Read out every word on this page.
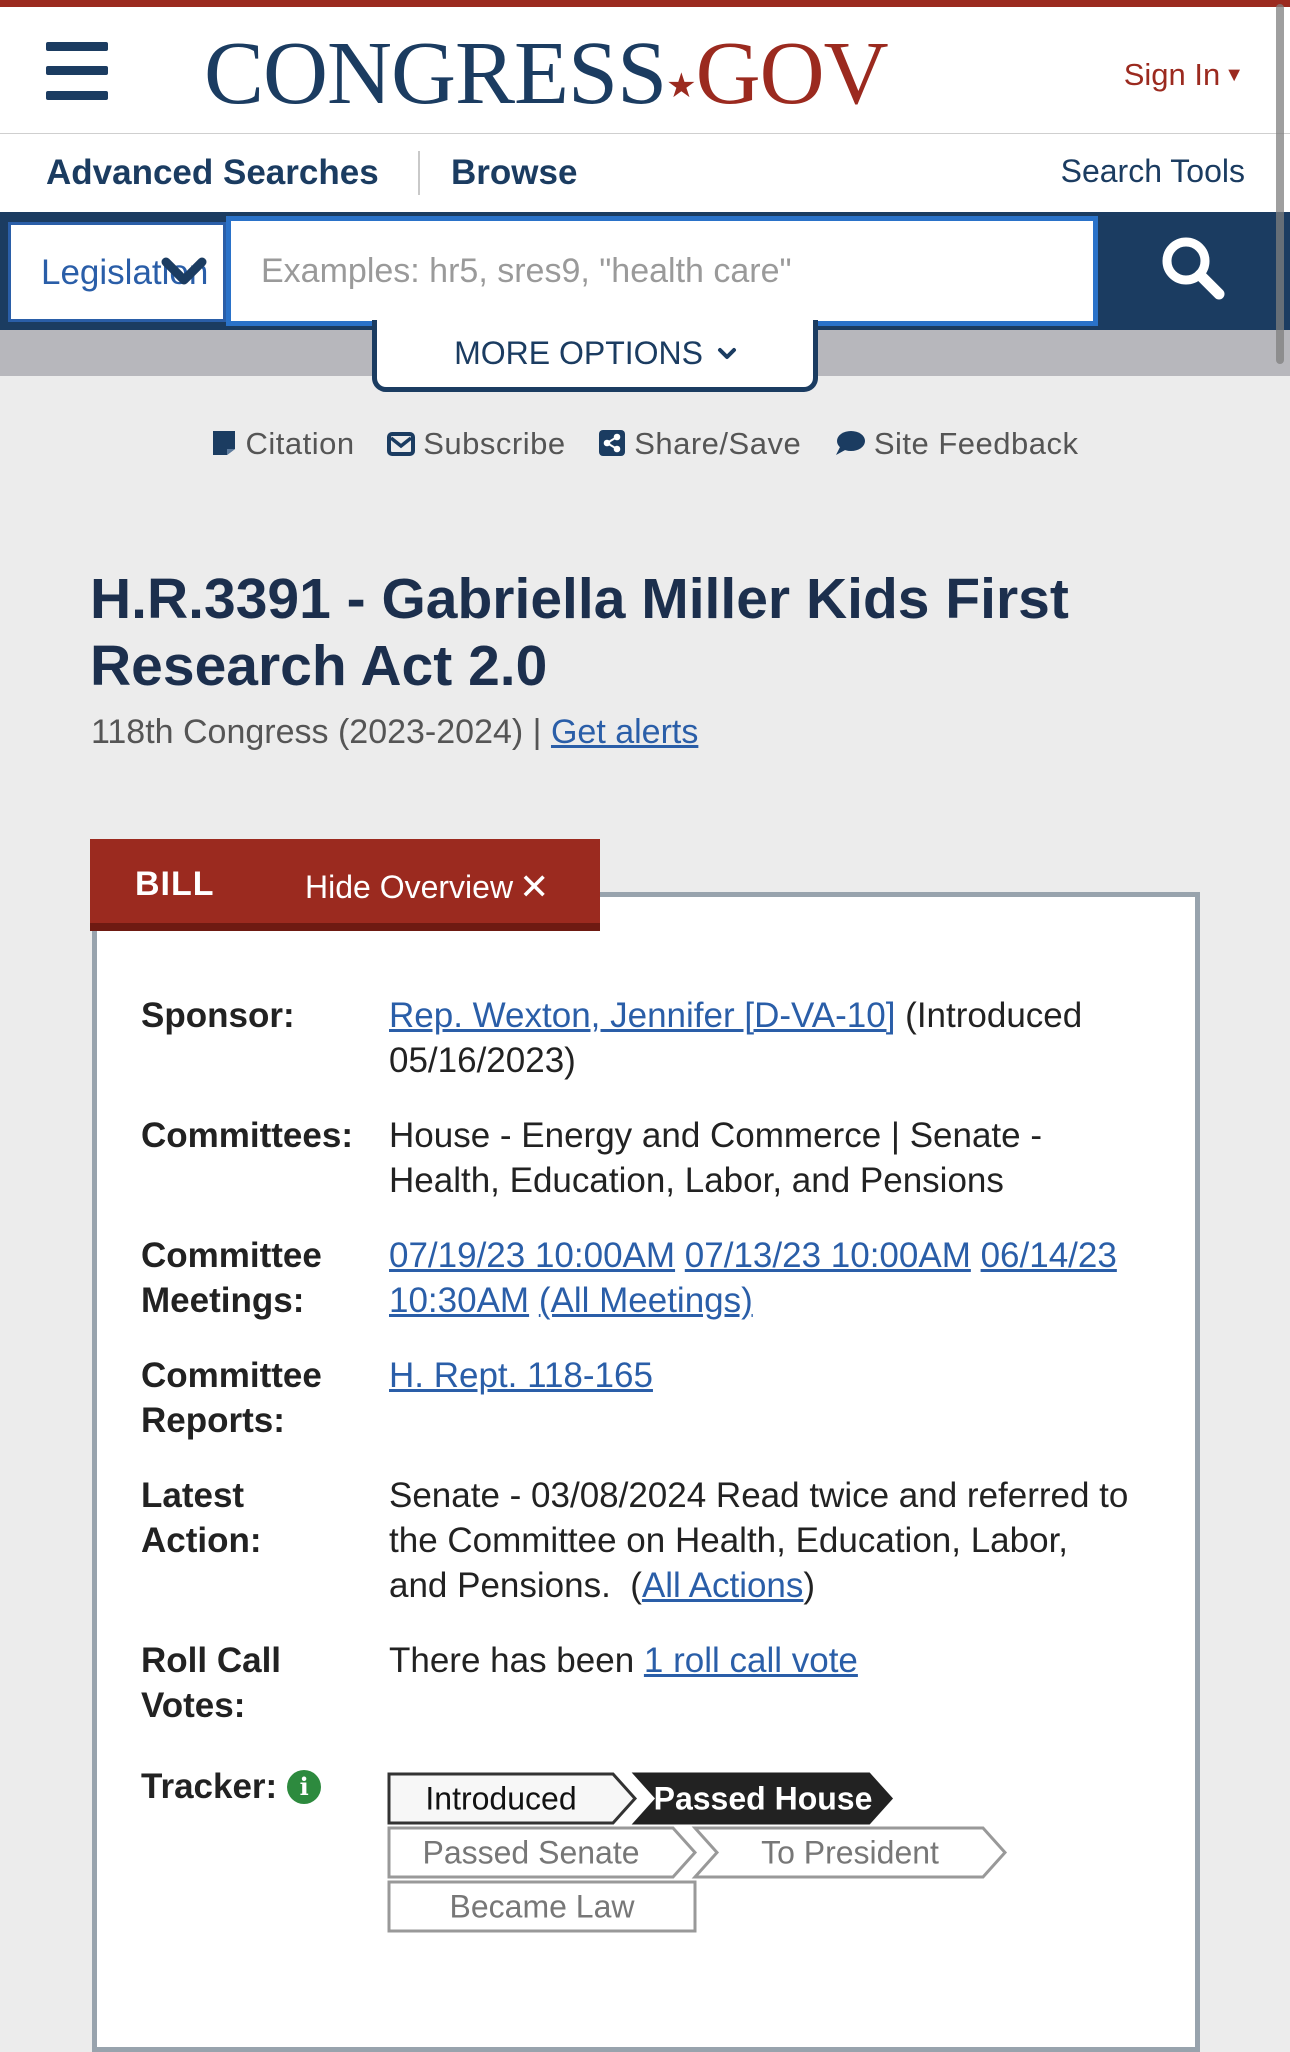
CONGRESS★GOV	Sign In ▼
Advanced Searches Browse	Search Tools
Legislation
Examples: hr5, sres9, "health care"
MORE OPTIONS
Citation Subscribe Share/Save Site Feedback
H.R.3391 - Gabriella Miller Kids First Research Act 2.0
118th Congress (2023-2024) | Get alerts
BILL	Hide Overview ✕
Sponsor:	Rep. Wexton, Jennifer [D-VA-10] (Introduced 05/16/2023)
Committees:	House - Energy and Commerce | Senate - Health, Education, Labor, and Pensions
Committee Meetings:
07/19/23 10:00AM 07/13/23 10:00AM 06/14/23 10:30AM (All Meetings)
Committee Reports:
H. Rept. 118-165
Latest Action:
Senate - 03/08/2024 Read twice and referred to the Committee on Health, Education, Labor, and Pensions.  (All Actions)
Roll Call Votes:
There has been 1 roll call vote
Tracker: i	Introduced Passed House
Passed Senate	To President
Became Law
